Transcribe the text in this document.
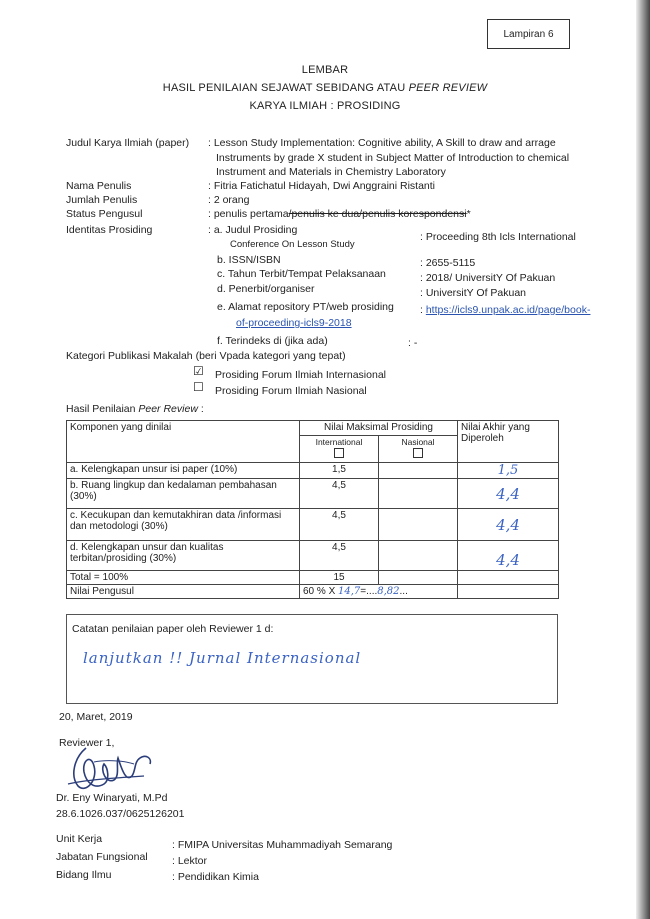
Lampiran 6
LEMBAR
HASIL PENILAIAN SEJAWAT SEBIDANG ATAU PEER REVIEW
KARYA ILMIAH : PROSIDING
Judul Karya Ilmiah (paper) : Lesson Study Implementation: Cognitive ability, A Skill to draw and arrage
Instruments by grade X student in Subject Matter of Introduction to chemical
Instrument and Materials in Chemistry Laboratory
Nama Penulis	: Fitria Fatichatul Hidayah, Dwi Anggraini Ristanti
Jumlah Penulis	: 2 orang
Status Pengusul	: penulis pertama/penulis ke dua/penulis korespondensi*
Identitas Prosiding	: a. Judul Prosiding
Conference On Lesson Study
: Proceeding 8th Icls International
b. ISSN/ISBN	: 2655-5115
c. Tahun Terbit/Tempat Pelaksanaan	: 2018/ UniversitY Of Pakuan
d. Penerbit/organiser	: UniversitY Of Pakuan
e. Alamat repository PT/web prosiding : https://icls9.unpak.ac.id/page/book-
of-proceeding-icls9-2018
f. Terindeks di (jika ada)	: -
Kategori Publikasi Makalah (beri Vpada kategori yang tepat)
☑ Prosiding Forum Ilmiah Internasional
☐ Prosiding Forum Ilmiah Nasional
Hasil Penilaian Peer Review :
Komponen yang dinilai	Nilai Maksimal Prosiding		Nilai Akhir yang Diperoleh
	International	Nasional	

a. Kelengkapan unsur isi paper (10%)	1,5		1,5
b. Ruang lingkup dan kedalaman pembahasan (30%)	4,5		4,4
c. Kecukupan dan kemutakhiran data /informasi dan metodologi (30%)	4,5		4,4
d. Kelengkapan unsur dan kualitas terbitan/prosiding (30%)	4,5		4,4
Total = 100%	15		
Nilai Pengusul	60 % X 14,7=....8,82...		
Catatan penilaian paper oleh Reviewer 1 d:
lanjutkan !! Jurnal Internasional
20, Maret, 2019
Reviewer 1,
Dr. Eny Winaryati, M.Pd
28.6.1026.037/0625126201
Unit Kerja	: FMIPA Universitas Muhammadiyah Semarang
Jabatan Fungsional : Lektor
Bidang Ilmu	: Pendidikan Kimia
